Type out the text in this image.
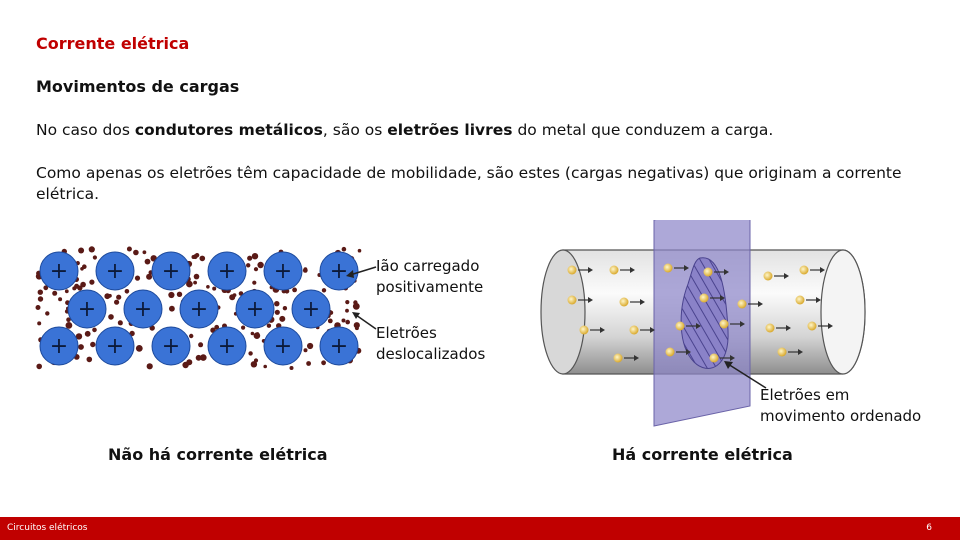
Corrente elétrica
Movimentos de cargas
No caso dos condutores metálicos, são os eletrões livres do metal que conduzem a carga.
Como apenas os eletrões têm capacidade de mobilidade, são estes (cargas negativas) que originam a corrente elétrica.
+ + + + + +
+ + + + +
+ + + + + +
Ião carregado
positivamente
Eletrões
deslocalizados
Não há corrente elétrica
Eletrões em
movimento ordenado
Há corrente elétrica
Circuitos elétricos	6
